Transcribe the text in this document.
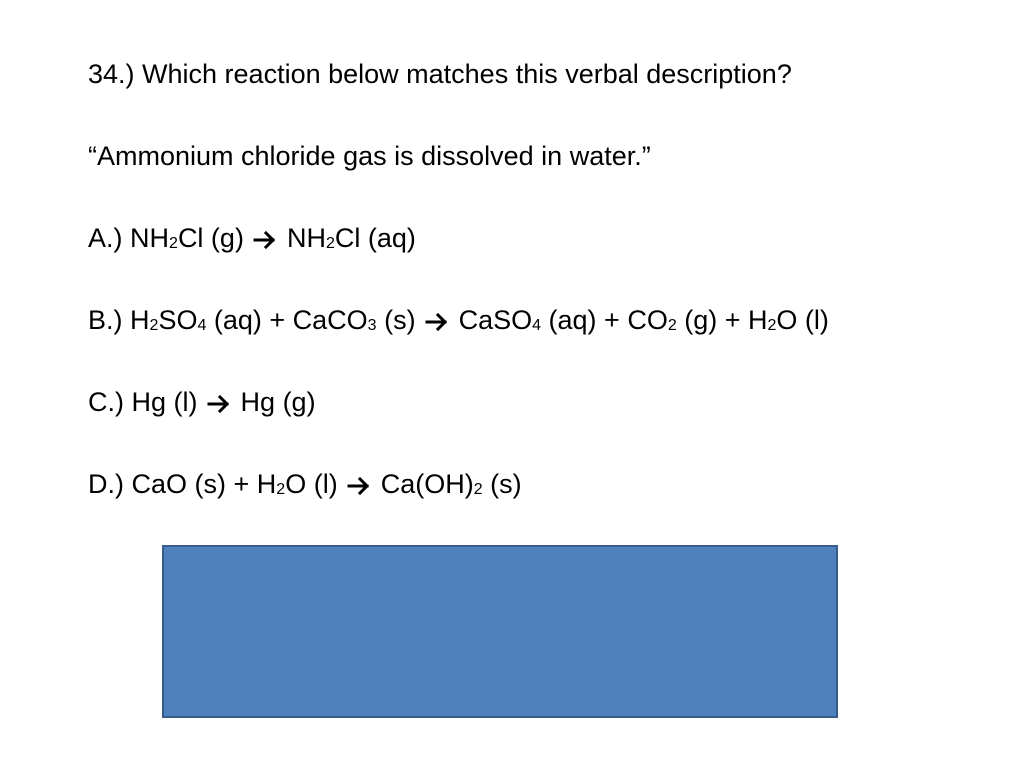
34.) Which reaction below matches this verbal description?
“Ammonium chloride gas is dissolved in water.”
A.) $NH_2Cl$ (g) $NH_2Cl$ (aq)
B.) $H_2SO_4$ (aq) + CaCO$_3$ (s) CaSO$_4$ $(aq) + CO_2$ $(g) + H_2O$ (l)
C.) Hg (l) Hg (g)
D.) CaO $(s) + H_2O$ (l) $Ca(OH)_2$ (s)
